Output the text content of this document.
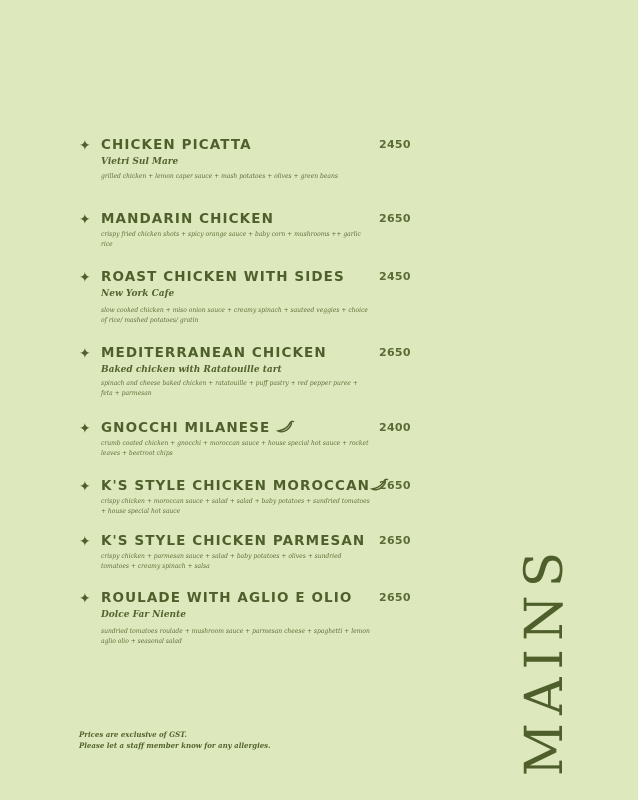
✦ CHICKEN PICATTA	2450
Vietri Sul Mare
grilled chicken + lemon caper sauce + mash potatoes + olives + green beans
✦ MANDARIN CHICKEN	2650
crispy fried chicken shots + spicy orange sauce + baby corn + mushrooms ++ garlic rice
✦ ROAST CHICKEN WITH SIDES	2450
New York Cafe
slow cooked chicken + miso onion sauce + creamy spinach + sauteed veggies + choice of rice/ mashed potatoes/ gratin
✦ MEDITERRANEAN CHICKEN	2650
Baked chicken with Ratatouille tart
spinach and cheese baked chicken + ratatouille + puff pastry + red pepper puree + feta + parmesan
✦ GNOCCHI MILANESE	2400
crumb coated chicken + gnocchi + moroccan sauce + house special hot sauce + rocket leaves + beetroot chips
✦ K'S STYLE CHICKEN MOROCCAN 2650
crispy chicken + moroccan sauce + salad + salad + baby potatoes + sundried tomatoes + house special hot sauce
✦ K'S STYLE CHICKEN PARMESAN 2650
crispy chicken + parmesan sauce + salad + baby potatoes + olives + sundried tomatoes + creamy spinach + salsa
✦ ROULADE WITH AGLIO E OLIO 2650
Dolce Far Niente
sundried tomatoes roulade + mushroom sauce + parmesan cheese + spaghetti + lemon aglio olio + seasonal salad
Prices are exclusive of GST.
Please let a staff member know for any allergies.	MAINS
